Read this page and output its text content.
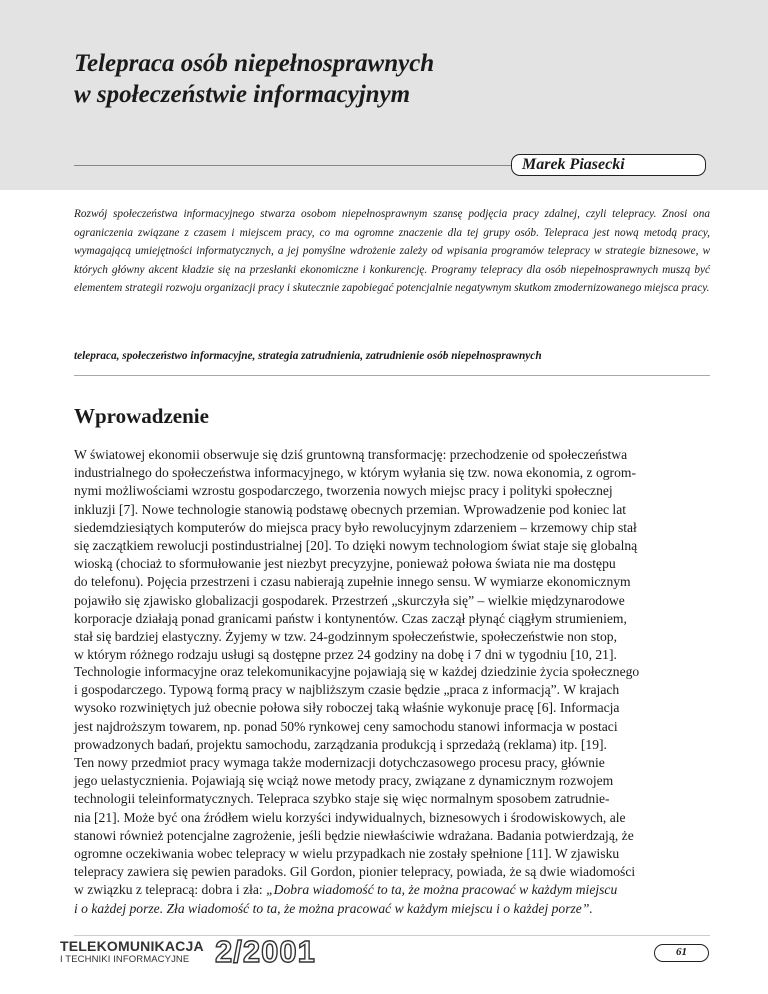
Telepraca osób niepełnosprawnych
w społeczeństwie informacyjnym
Marek Piasecki
Rozwój społeczeństwa informacyjnego stwarza osobom niepełnosprawnym szansę podjęcia pracy zdalnej, czyli telepracy. Znosi ona ograniczenia związane z czasem i miejscem pracy, co ma ogromne znaczenie dla tej grupy osób. Telepraca jest nową metodą pracy, wymagającą umiejętności informatycznych, a jej pomyślne wdrożenie zależy od wpisania programów telepracy w strategie biznesowe, w których główny akcent kładzie się na przesłanki ekonomiczne i konkurencję. Programy telepracy dla osób niepełnosprawnych muszą być elementem strategii rozwoju organizacji pracy i skutecznie zapobiegać potencjalnie negatywnym skutkom zmodernizowanego miejsca pracy.
telepraca, społeczeństwo informacyjne, strategia zatrudnienia, zatrudnienie osób niepełnosprawnych
Wprowadzenie
W światowej ekonomii obserwuje się dziś gruntowną transformację: przechodzenie od społeczeństwa
industrialnego do społeczeństwa informacyjnego, w którym wyłania się tzw. nowa ekonomia, z ogrom-
nymi możliwościami wzrostu gospodarczego, tworzenia nowych miejsc pracy i polityki społecznej
inkluzji [7]. Nowe technologie stanowią podstawę obecnych przemian. Wprowadzenie pod koniec lat
siedemdziesiątych komputerów do miejsca pracy było rewolucyjnym zdarzeniem – krzemowy chip stał
się zaczątkiem rewolucji postindustrialnej [20]. To dzięki nowym technologiom świat staje się globalną
wioską (chociaż to sformułowanie jest niezbyt precyzyjne, ponieważ połowa świata nie ma dostępu
do telefonu). Pojęcia przestrzeni i czasu nabierają zupełnie innego sensu. W wymiarze ekonomicznym
pojawiło się zjawisko globalizacji gospodarek. Przestrzeń „skurczyła się” – wielkie międzynarodowe
korporacje działają ponad granicami państw i kontynentów. Czas zaczął płynąć ciągłym strumieniem,
stał się bardziej elastyczny. Żyjemy w tzw. 24-godzinnym społeczeństwie, społeczeństwie non stop,
w którym różnego rodzaju usługi są dostępne przez 24 godziny na dobę i 7 dni w tygodniu [10, 21].
Technologie informacyjne oraz telekomunikacyjne pojawiają się w każdej dziedzinie życia społecznego
i gospodarczego. Typową formą pracy w najbliższym czasie będzie „praca z informacją”. W krajach
wysoko rozwiniętych już obecnie połowa siły roboczej taką właśnie wykonuje pracę [6]. Informacja
jest najdroższym towarem, np. ponad 50% rynkowej ceny samochodu stanowi informacja w postaci
prowadzonych badań, projektu samochodu, zarządzania produkcją i sprzedażą (reklama) itp. [19].
Ten nowy przedmiot pracy wymaga także modernizacji dotychczasowego procesu pracy, głównie
jego uelastycznienia. Pojawiają się wciąż nowe metody pracy, związane z dynamicznym rozwojem
technologii teleinformatycznych. Telepraca szybko staje się więc normalnym sposobem zatrudnie-
nia [21]. Może być ona źródłem wielu korzyści indywidualnych, biznesowych i środowiskowych, ale
stanowi również potencjalne zagrożenie, jeśli będzie niewłaściwie wdrażana. Badania potwierdzają, że
ogromne oczekiwania wobec telepracy w wielu przypadkach nie zostały spełnione [11]. W zjawisku
telepracy zawiera się pewien paradoks. Gil Gordon, pionier telepracy, powiada, że są dwie wiadomości
w związku z telepracą: dobra i zła: „Dobra wiadomość to ta, że można pracować w każdym miejscu
i o każdej porze. Zła wiadomość to ta, że można pracować w każdym miejscu i o każdej porze”.
TELEKOMUNIKACJA
I TECHNIKI INFORMACYJNE 2/2001	61
